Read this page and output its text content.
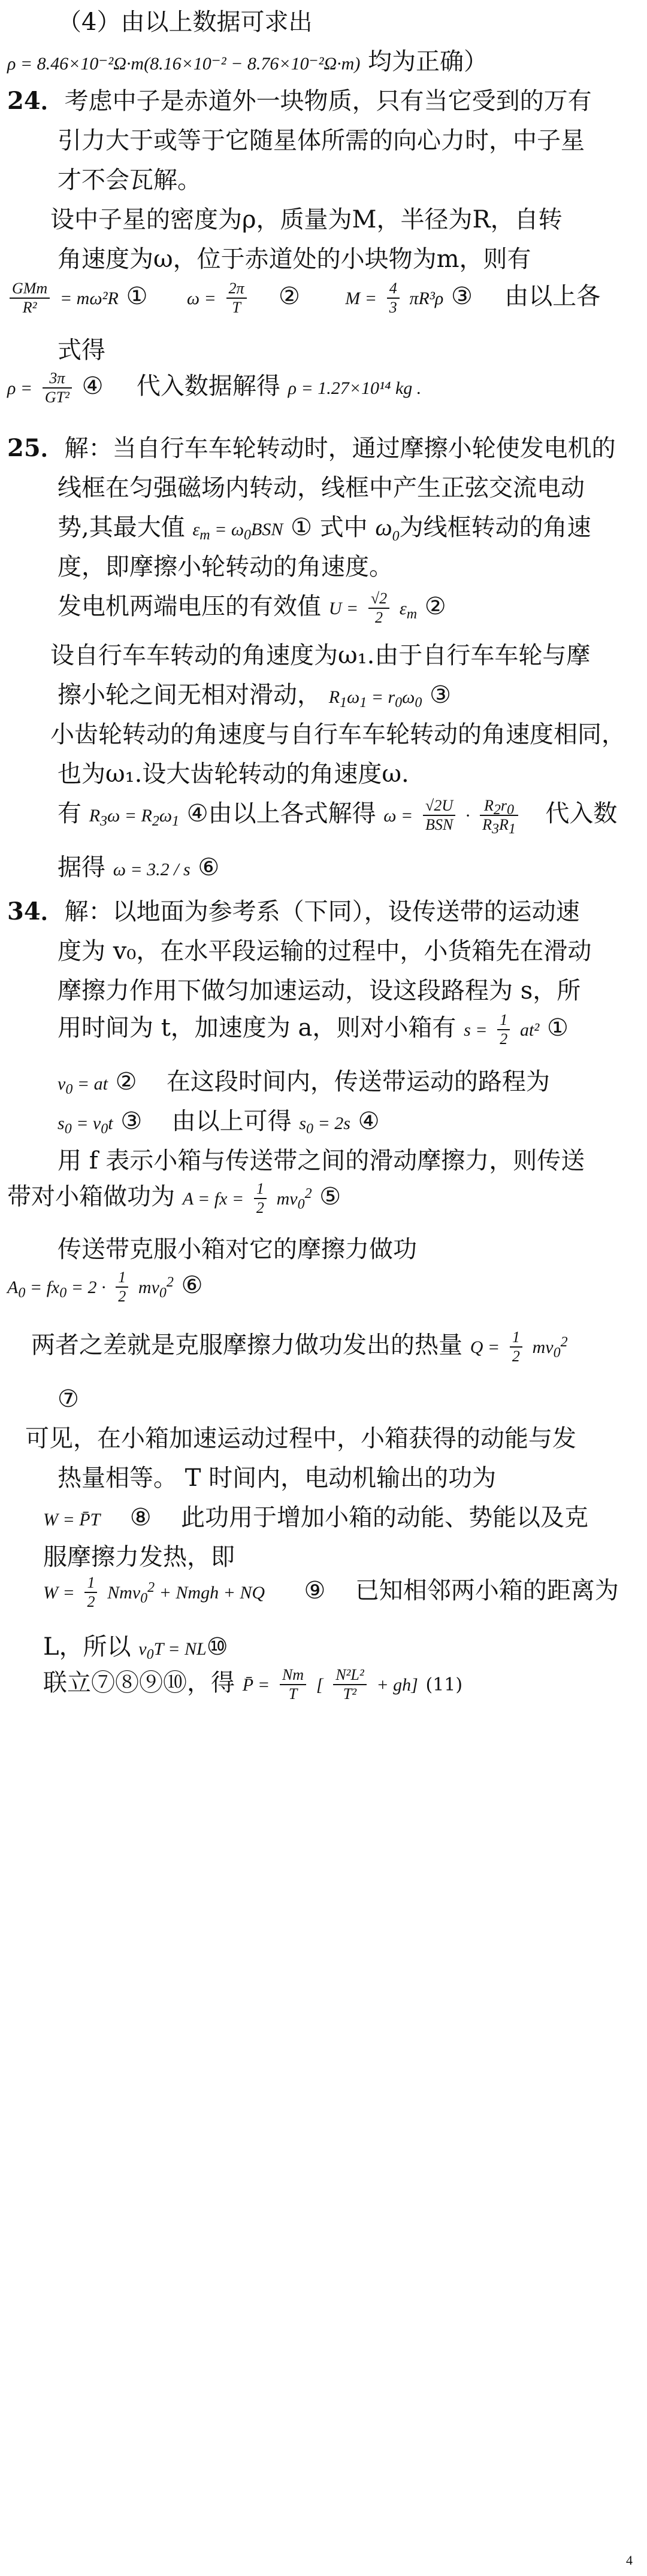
（4）由以上数据可求出
ρ = 8.46×10⁻²Ω·m(8.16×10⁻² − 8.76×10⁻²Ω·m) 均为正确）
24．考虑中子是赤道外一块物质，只有当它受到的万有
引力大于或等于它随星体所需的向心力时，中子星
才不会瓦解。
设中子星的密度为ρ，质量为M，半径为R，自转
角速度为ω，位于赤道处的小块物为m，则有
$\frac{\text{GMm}}{\text{R²}} = m\omega^2R$ ① $\omega = \frac{2\pi}{T}$ ②	$M = \frac{4}{3} \pi R^3\rho$ ③ 由以上各
式得
$\rho = \frac{3\pi}{\text{GT²}}$ ④ 代入数据解得 ρ = 1.27×10¹⁴ kg .
25．解：当自行车车轮转动时，通过摩擦小轮使发电机的
线框在匀强磁场内转动，线框中产生正弦交流电动
势,其最大值 $\varepsilon_m = \omega_0BSN$ ① 式中 $\omega_0$为线框转动的角速
度，即摩擦小轮转动的角速度。
发电机两端电压的有效值 $U = \frac{√2}{2} \varepsilon_m$ ②
设自行车车转动的角速度为ω₁.由于自行车车轮与摩
擦小轮之间无相对滑动， $R_1\omega_1 = r_0\omega_0$ ③
小齿轮转动的角速度与自行车车轮转动的角速度相同，
也为ω₁.设大齿轮转动的角速度ω.
有 $R_3\omega = R_2\omega_1$ ④由以上各式解得 $\omega = \frac{√2U}{\text{BSN}} \cdot \frac{R_2r_0}{R_3R_1}$ 代入数
据得 ω = 3.2 / s ⑥
34．解：以地面为参考系（下同），设传送带的运动速
度为 v₀，在水平段运输的过程中，小货箱先在滑动
摩擦力作用下做匀加速运动，设这段路程为 s，所
用时间为 t，加速度为 a，则对小箱有 $s = \frac{1}{2} at^2$ ①
$v_0$ = at ② 在这段时间内，传送带运动的路程为
$s_0 = v_0t$ ③ 由以上可得 $s_0 = 2s$ ④
用 f 表示小箱与传送带之间的滑动摩擦力，则传送
带对小箱做功为 A = fx = $\frac{1}{2} mv_0^2$ ⑤
传送带克服小箱对它的摩擦力做功
$A_0 = fx_0 = 2 \cdot \frac{1}{2} mv_0^2$ ⑥
两者之差就是克服摩擦力做功发出的热量 $Q = \frac{1}{2} mv_0^2$
⑦
可见，在小箱加速运动过程中，小箱获得的动能与发
热量相等。 T 时间内，电动机输出的功为
W = P̄T ⑧ 此功用于增加小箱的动能、势能以及克
服摩擦力发热，即
$W = \frac{1}{2} Nmv_0^2$ + Nmgh + NQ ⑨ 已知相邻两小箱的距离为
L，所以 $v_0T$ = NL⑩
联立⑦⑧⑨⑩，得 P̄ = $\frac{Nm}{T}$ [ $\frac{\text{N²L²}}{\text{T²}} + gh$] (11)
4
